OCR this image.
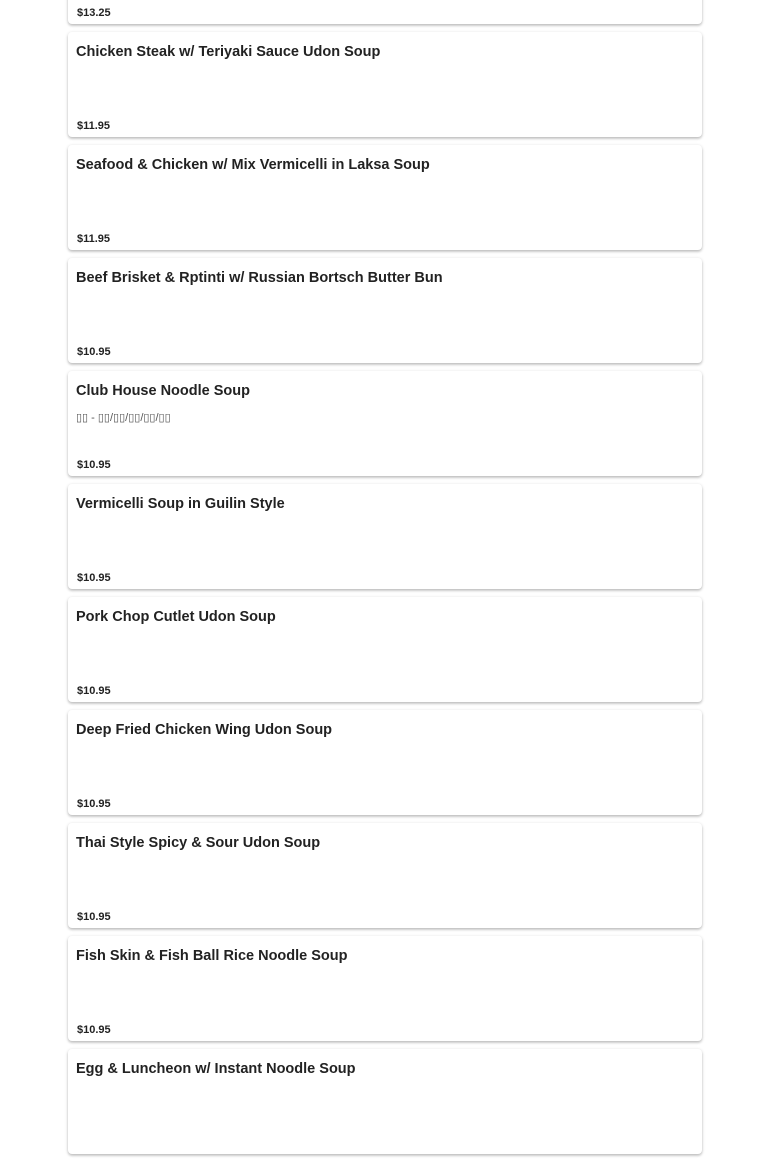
$13.25
Chicken Steak w/ Teriyaki Sauce Udon Soup
$11.95
Seafood & Chicken w/ Mix Vermicelli in Laksa Soup
$11.95
Beef Brisket & Rptinti w/ Russian Bortsch Butter Bun
$10.95
Club House Noodle Soup
▯▯ - ▯▯/▯▯/▯▯/▯▯/▯▯
$10.95
Vermicelli Soup in Guilin Style
$10.95
Pork Chop Cutlet Udon Soup
$10.95
Deep Fried Chicken Wing Udon Soup
$10.95
Thai Style Spicy & Sour Udon Soup
$10.95
Fish Skin & Fish Ball Rice Noodle Soup
$10.95
Egg & Luncheon w/ Instant Noodle Soup
